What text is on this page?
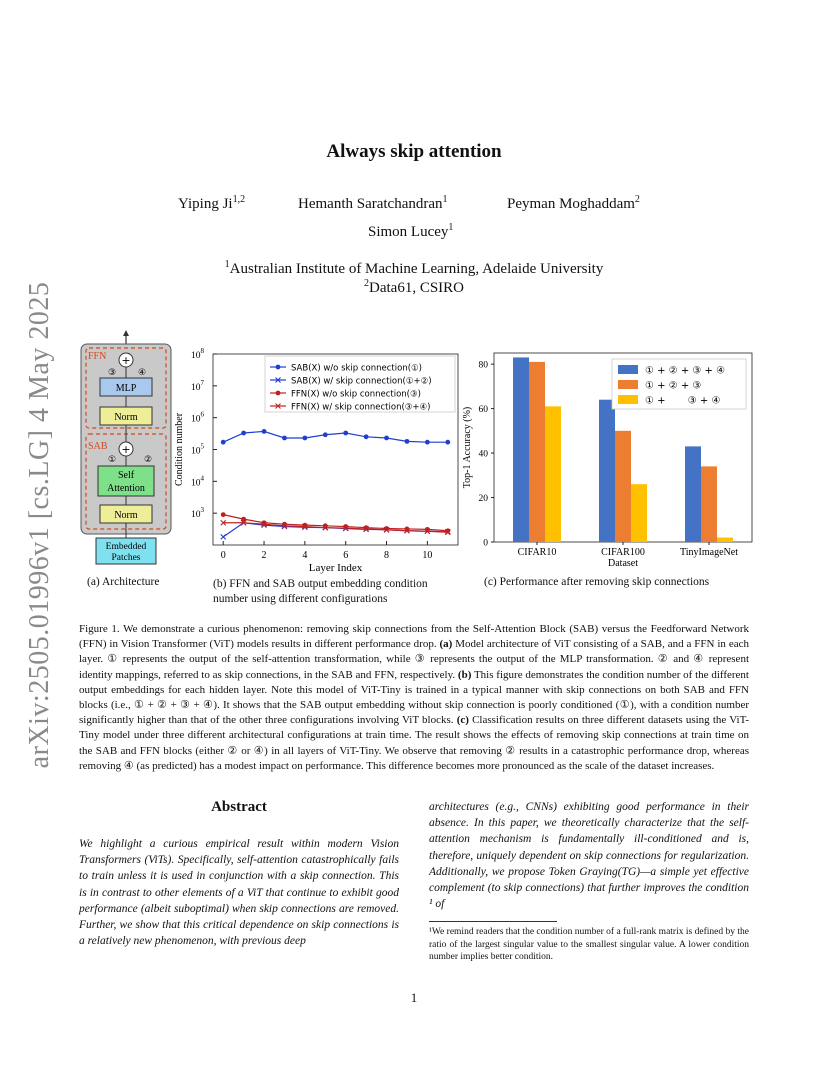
arXiv:2505.01996v1 [cs.LG] 4 May 2025
Always skip attention
Yiping Ji$^{1,2}$	Hemanth Saratchandran$^1$	Peyman Moghaddam$^2$
Simon Lucey$^1$
$^1$Australian Institute of Machine Learning, Adelaide University
$^2$Data61, CSIRO
FFN
SAB
+
③ ④
MLP
Norm
+
①	②
Self
Attention
Norm
Embedded
Patches
$10^3$
$10^4$
$10^5$
$10^6$
$10^7$
$10^8$
0	2	4	6	8	10
Layer Index
Condition number
SAB(X) w/o skip connection(①)
SAB(X) w/ skip connection(①+②)
FFN(X) w/o skip connection(③)
FFN(X) w/ skip connection(③+④)
0
20
40
60
80
Top-1 Accuracy (%)
CIFAR10	CIFAR100	TinyImageNet
Dataset
① + ② + ③ + ④
① + ② + ③
① +       ③ + ④
(a) Architecture	(b) FFN and SAB output embedding condition
number using different configurations
(c) Performance after removing skip connections
Figure 1. We demonstrate a curious phenomenon: removing skip connections from the Self-Attention Block (SAB) versus the Feedforward Network (FFN) in Vision Transformer (ViT) models results in different performance drop. (a) Model architecture of ViT consisting of a SAB, and a FFN in each layer. ① represents the output of the self-attention transformation, while ③ represents the output of the MLP transformation. ② and ④ represent identity mappings, referred to as skip connections, in the SAB and FFN, respectively. (b) This figure demonstrates the condition number of the different output embeddings for each hidden layer. Note this model of ViT-Tiny is trained in a typical manner with skip connections on both SAB and FFN blocks (i.e., ① + ② + ③ + ④). It shows that the SAB output embedding without skip connection is poorly conditioned (①), with a condition number significantly higher than that of the other three configurations involving ViT blocks. (c) Classification results on three different datasets using the ViT-Tiny model under three different architectural configurations at train time. The result shows the effects of removing skip connections at train time on the SAB and FFN blocks (either ② or ④) in all layers of ViT-Tiny. We observe that removing ② results in a catastrophic performance drop, whereas removing ④ (as predicted) has a modest impact on performance. This difference becomes more pronounced as the scale of the dataset increases.
Abstract
We highlight a curious empirical result within modern Vision Transformers (ViTs). Specifically, self-attention catastrophically fails to train unless it is used in conjunction with a skip connection. This is in contrast to other elements of a ViT that continue to exhibit good performance (albeit suboptimal) when skip connections are removed. Further, we show that this critical dependence on skip connections is a relatively new phenomenon, with previous deep
architectures (e.g., CNNs) exhibiting good performance in their absence. In this paper, we theoretically characterize that the self-attention mechanism is fundamentally ill-conditioned and is, therefore, uniquely dependent on skip connections for regularization. Additionally, we propose Token Graying(TG)—a simple yet effective complement (to skip connections) that further improves the condition ¹ of
¹We remind readers that the condition number of a full-rank matrix is defined by the ratio of the largest singular value to the smallest singular value. A lower condition number implies better condition.
1
